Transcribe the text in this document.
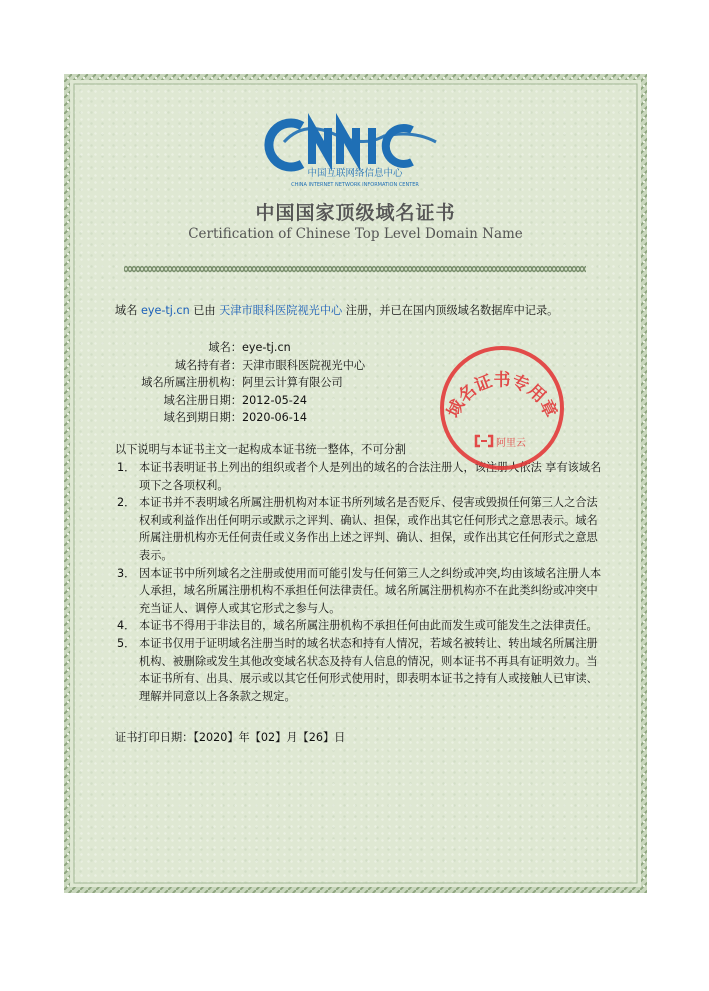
中国互联网络信息中心
CHINA INTERNET NETWORK INFORMATION CENTER
中国国家顶级域名证书
Certification of Chinese Top Level Domain Name
域名 eye-tj.cn 已由 天津市眼科医院视光中心 注册，并已在国内顶级域名数据库中记录。
域名：eye-tj.cn
域名持有者：天津市眼科医院视光中心
域名所属注册机构：阿里云计算有限公司
域名注册日期：2012-05-24
域名到期日期：2020-06-14
以下说明与本证书主文一起构成本证书统一整体，不可分割
1． 本证书表明证书上列出的组织或者个人是列出的域名的合法注册人，该注册人依法 享有该域名项下之各项权利。

2． 本证书并不表明域名所属注册机构对本证书所列域名是否贬斥、侵害或毁损任何第三人之合法权利或利益作出任何明示或默示之评判、确认、担保，或作出其它任何形式之意思表示。域名所属注册机构亦无任何责任或义务作出上述之评判、确认、担保，或作出其它任何形式之意思表示。

3． 因本证书中所列域名之注册或使用而可能引发与任何第三人之纠纷或冲突,均由该域名注册人本人承担，域名所属注册机构不承担任何法律责任。域名所属注册机构亦不在此类纠纷或冲突中充当证人、调停人或其它形式之参与人。

4． 本证书不得用于非法目的，域名所属注册机构不承担任何由此而发生或可能发生之法律责任。

5． 本证书仅用于证明域名注册当时的域名状态和持有人情况，若域名被转让、转出域名所属注册机构、被删除或发生其他改变域名状态及持有人信息的情况，则本证书不再具有证明效力。当本证书所有、出具、展示或以其它任何形式使用时，即表明本证书之持有人或接触人已审读、理解并同意以上各条款之规定。

证书打印日期：【2020】年【02】月【26】日
域名证书专用章
阿里云
